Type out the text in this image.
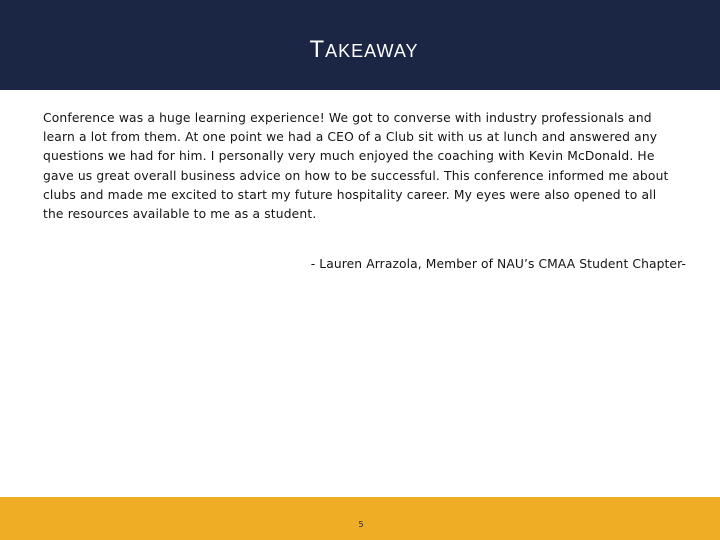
TAKEAWAY

Conference was a huge learning experience! We got to converse with industry professionals and

learn a lot from them. At one point we had a CEO of a Club sit with us at lunch and answered any

questions we had for him. I personally very much enjoyed the coaching with Kevin McDonald. He

gave us great overall business advice on how to be successful. This conference informed me about

clubs and made me excited to start my future hospitality career. My eyes were also opened to all

the resources available to me as a student.

- Lauren Arrazola, Member of NAU’s CMAA Student Chapter-
5
